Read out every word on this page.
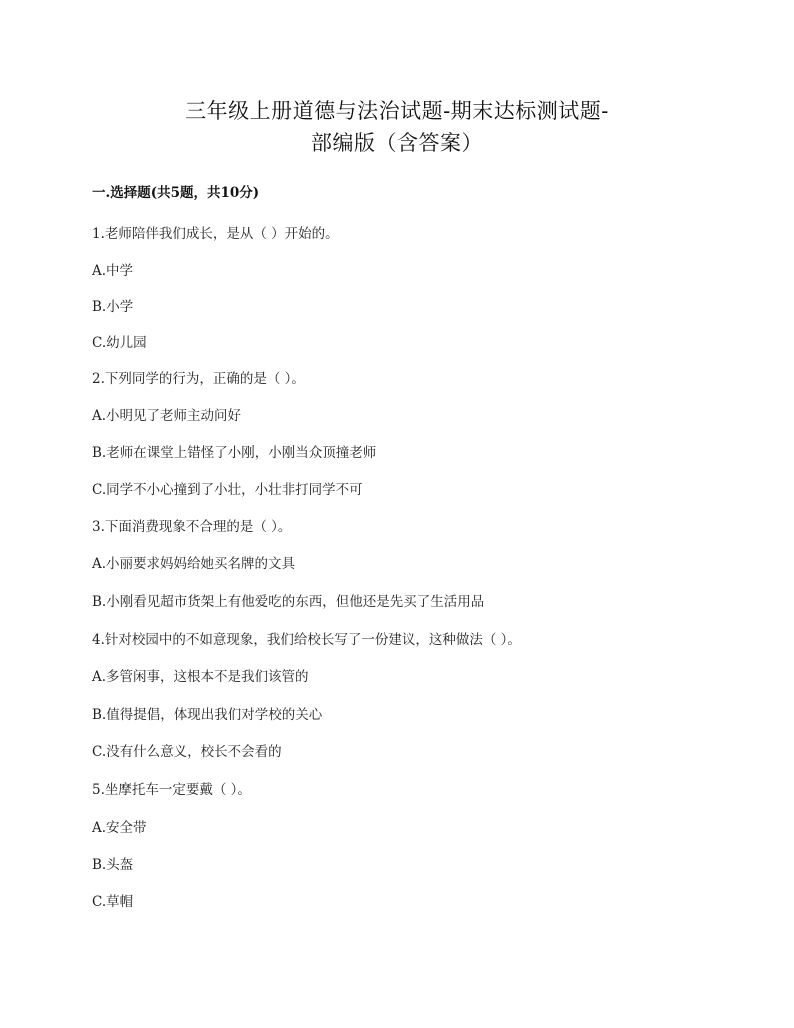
三年级上册道德与法治试题-期末达标测试题-
部编版（含答案）
一.选择题(共5题，共10分)
1.老师陪伴我们成长，是从（ ）开始的。
A.中学
B.小学
C.幼儿园
2.下列同学的行为，正确的是（ ）。
A.小明见了老师主动问好
B.老师在课堂上错怪了小刚，小刚当众顶撞老师
C.同学不小心撞到了小壮，小壮非打同学不可
3.下面消费现象不合理的是（ ）。
A.小丽要求妈妈给她买名牌的文具
B.小刚看见超市货架上有他爱吃的东西，但他还是先买了生活用品
4.针对校园中的不如意现象，我们给校长写了一份建议，这种做法（ ）。
A.多管闲事，这根本不是我们该管的
B.值得提倡，体现出我们对学校的关心
C.没有什么意义，校长不会看的
5.坐摩托车一定要戴（ ）。
A.安全带
B.头盔
C.草帽
